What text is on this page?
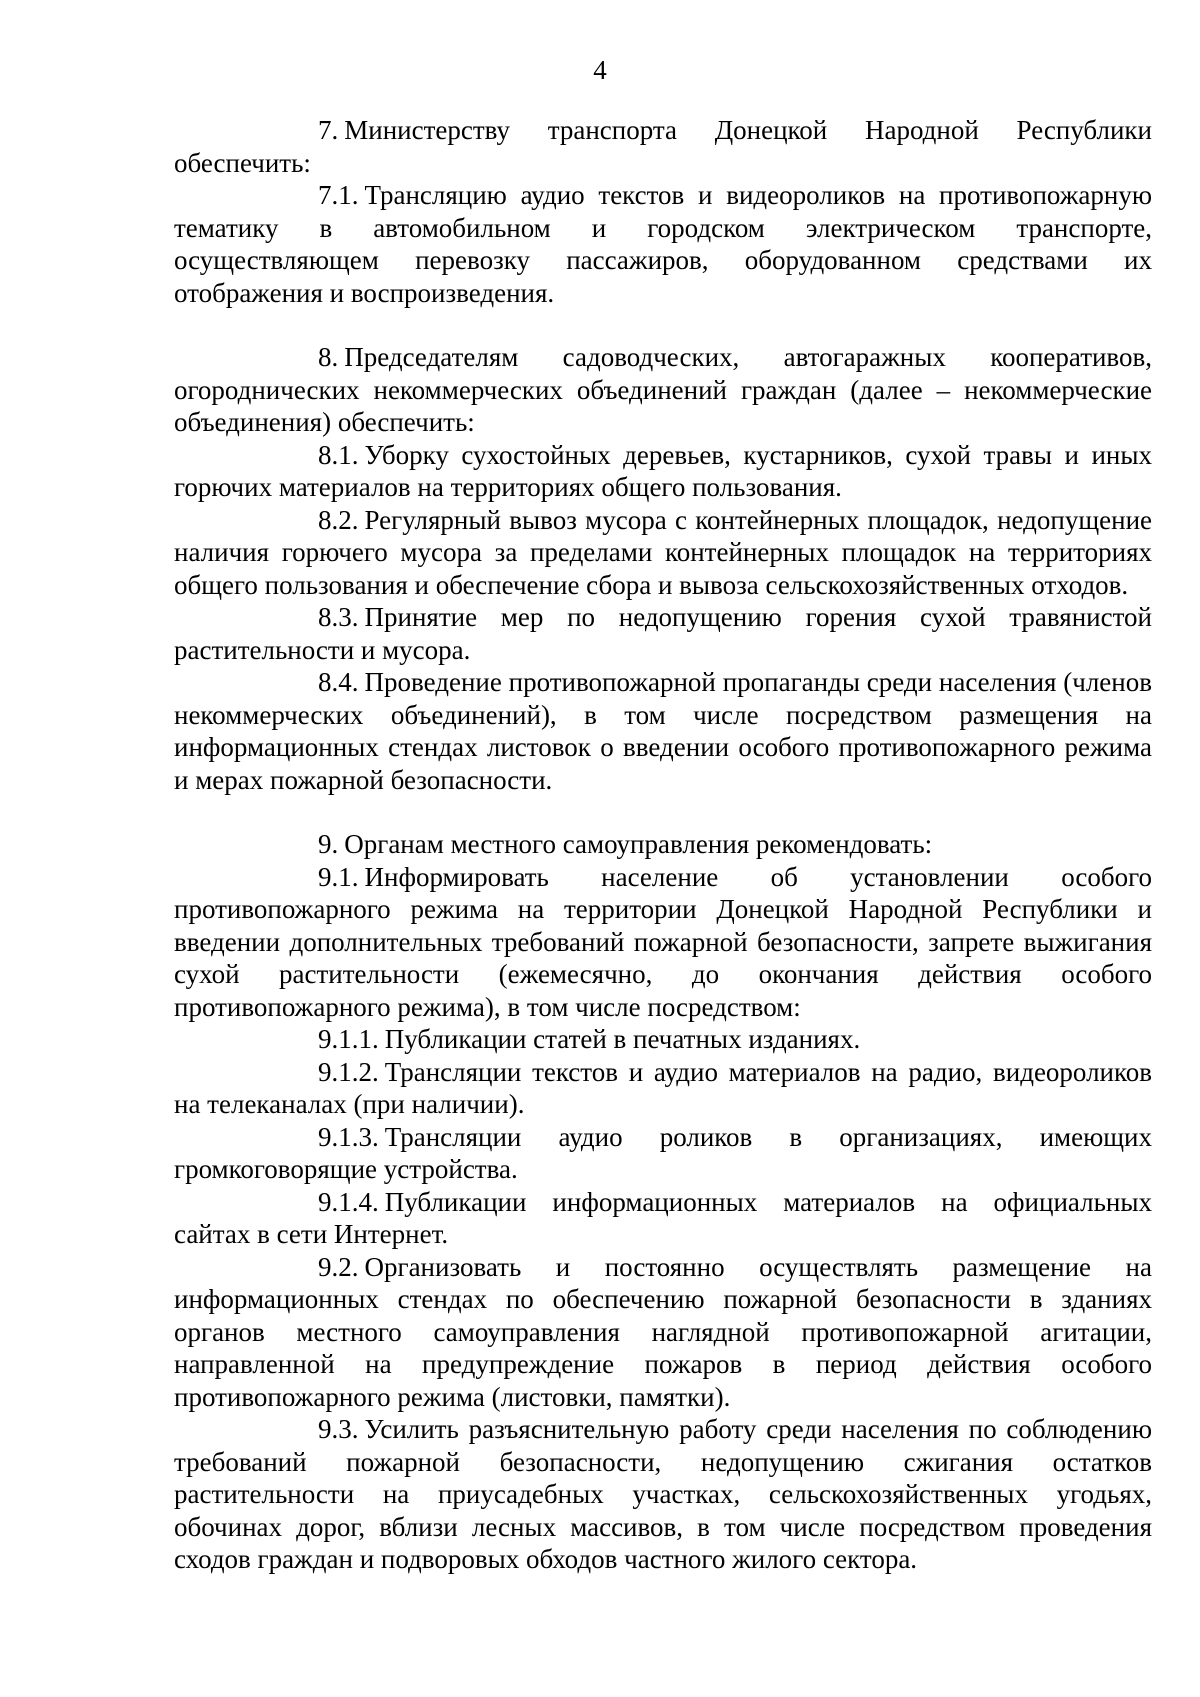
4

7. Министерству транспорта Донецкой Народной Республики обеспечить:

7.1. Трансляцию аудио текстов и видеороликов на противопожарную тематику в автомобильном и городском электрическом транспорте, осуществляющем перевозку пассажиров, оборудованном средствами их отображения и воспроизведения.

8. Председателям садоводческих, автогаражных кооперативов, огороднических некоммерческих объединений граждан (далее – некоммерческие объединения) обеспечить:

8.1. Уборку сухостойных деревьев, кустарников, сухой травы и иных горючих материалов на территориях общего пользования.

8.2. Регулярный вывоз мусора с контейнерных площадок, недопущение наличия горючего мусора за пределами контейнерных площадок на территориях общего пользования и обеспечение сбора и вывоза сельскохозяйственных отходов.

8.3. Принятие мер по недопущению горения сухой травянистой растительности и мусора.

8.4. Проведение противопожарной пропаганды среди населения (членов некоммерческих объединений), в том числе посредством размещения на информационных стендах листовок о введении особого противопожарного режима и мерах пожарной безопасности.

9. Органам местного самоуправления рекомендовать:

9.1. Информировать население об установлении особого противопожарного режима на территории Донецкой Народной Республики и введении дополнительных требований пожарной безопасности, запрете выжигания сухой растительности (ежемесячно, до окончания действия особого противопожарного режима), в том числе посредством:

9.1.1. Публикации статей в печатных изданиях.

9.1.2. Трансляции текстов и аудио материалов на радио, видеороликов на телеканалах (при наличии).

9.1.3. Трансляции аудио роликов в организациях, имеющих громкоговорящие устройства.

9.1.4. Публикации информационных материалов на официальных сайтах в сети Интернет.

9.2. Организовать и постоянно осуществлять размещение на информационных стендах по обеспечению пожарной безопасности в зданиях органов местного самоуправления наглядной противопожарной агитации, направленной на предупреждение пожаров в период действия особого противопожарного режима (листовки, памятки).

9.3. Усилить разъяснительную работу среди населения по соблюдению требований пожарной безопасности, недопущению сжигания остатков растительности на приусадебных участках, сельскохозяйственных угодьях, обочинах дорог, вблизи лесных массивов, в том числе посредством проведения сходов граждан и подворовых обходов частного жилого сектора.
